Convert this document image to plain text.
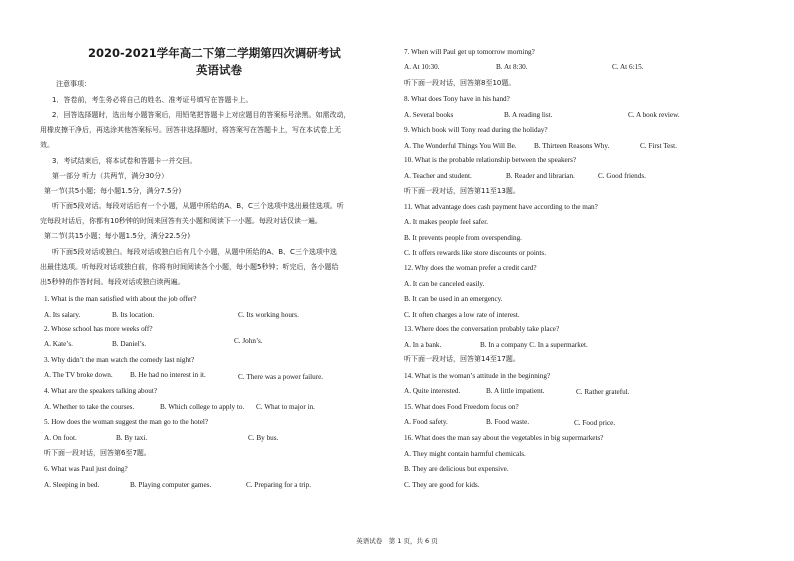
2020-2021学年高二下第二学期第四次调研考试
英语试卷
注意事项：
1．答卷前，考生务必将自己的姓名、准考证号填写在答题卡上。
2．回答选择题时，选出每小题答案后，用铅笔把答题卡上对应题目的答案标号涂黑。如需改动，
用橡皮擦干净后，再选涂其他答案标号。回答非选择题时，将答案写在答题卡上，写在本试卷上无
效。
3．考试结束后，将本试卷和答题卡一并交回。
第一部分 听力（共两节，满分30分）
第一节(共5小题；每小题1.5分，满分7.5分)
听下面5段对话。每段对话后有一个小题，从题中所给的A、B、C三个选项中选出最佳选项。听
完每段对话后，你都有10秒钟的时间来回答有关小题和阅读下一小题。每段对话仅读一遍。
第二节(共15小题；每小题1.5分，满分22.5分)
听下面5段对话或独白。每段对话或独白后有几个小题，从题中所给的A、B、C三个选项中选
出最佳选项。听每段对话或独白前，你将有时间阅读各个小题，每小题5秒钟；听完后，各小题给
出5秒钟的作答时间。每段对话或独白读两遍。
1. What is the man satisfied with about the job offer?
A. Its salary.	B. Its location.	C. Its working hours.
2. Whose school has more weeks off?
A. Kate’s.	B. Daniel’s.	C. John’s.
3. Why didn’t the man watch the comedy last night?
A. The TV broke down. B. He had no interest in it.	C. There was a power failure.
4. What are the speakers talking about?
A. Whether to take the courses.	B. Which college to apply to. C. What to major in.
5. How does the woman suggest the man go to the hotel?
A. On foot.	B. By taxi.	C. By bus.
听下面一段对话，回答第6至7题。
6. What was Paul just doing?
A. Sleeping in bed.	B. Playing computer games.	C. Preparing for a trip.
7. When will Paul get up tomorrow morning?
A. At 10:30.	B. At 8:30.	C. At 6:15.
听下面一段对话，回答第8至10题。
8. What does Tony have in his hand?
A. Several books	B. A reading list.	C. A book review.
9. Which book will Tony read during the holiday?
A. The Wonderful Things You Will Be. B. Thirteen Reasons Why.	C. First Test.
10. What is the probable relationship between the speakers?
A. Teacher and student.	B. Reader and librarian.	C. Good friends.
听下面一段对话，回答第11至13题。
11. What advantage does cash payment have according to the man?
A. It makes people feel safer.
B. It prevents people from overspending.
C. It offers rewards like store discounts or points.
12. Why does the woman prefer a credit card?
A. It can be canceled easily.
B. It can be used in an emergency.
C. It often charges a low rate of interest.
13. Where does the conversation probably take place?
A. In a bank.	B. In a company C. In a supermarket.
听下面一段对话，回答第14至17题。
14. What is the woman’s attitude in the beginning?
A. Quite interested.	B. A little impatient.	C. Rather grateful.
15. What does Food Freedom focus on?
A. Food safety.	B. Food waste.	C. Food price.
16. What does the man say about the vegetables in big supermarkets?
A. They might contain harmful chemicals.
B. They are delicious but expensive.
C. They are good for kids.
英语试卷　第 1 页，共 6 页
